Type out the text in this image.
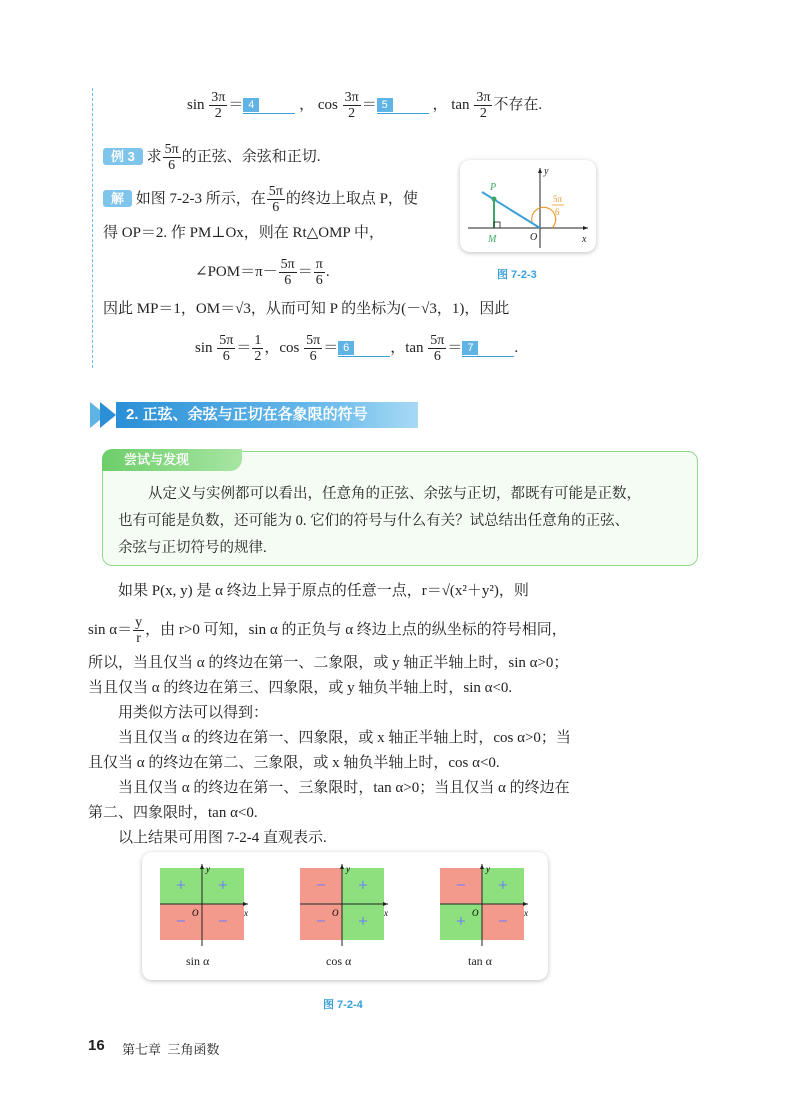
$\sin \frac{3\pi}{2} = 4$	， $\cos \frac{3\pi}{2} = 5$	， $\tan \frac{3\pi}{2}$ 不存在.
例 3 求 $\frac{5\pi}{6}$ 的正弦、余弦和正切.
解 如图 7-2-3 所示，在 $\frac{5\pi}{6}$ 的终边上取点 P，使
得 OP＝2. 作 PM⊥Ox，则在 Rt△OMP 中，
∠POM＝π－ $\frac{5\pi}{6} = \frac{\pi}{6}$ .
因此 MP＝1，OM＝√3，从而可知 P 的坐标为(－√3，1)，因此
$\sin \frac{5\pi}{6} = \frac{1}{2}$ ，$\cos \frac{5\pi}{6} = 6$	，$\tan \frac{5\pi}{6} = 7$	.
P
M	O	x
y
5π
6
图 7-2-3
2. 正弦、余弦与正切在各象限的符号
尝试与发现
从定义与实例都可以看出，任意角的正弦、余弦与正切，都既有可能是正数，
也有可能是负数，还可能为 0. 它们的符号与什么有关？试总结出任意角的正弦、
余弦与正切符号的规律.
如果 P(x, y) 是 α 终边上异于原点的任意一点，r＝√(x²＋y²)，则
$\sin \alpha= \frac{y}{r}$ ，由 r>0 可知，sin α 的正负与 α 终边上点的纵坐标的符号相同，
所以，当且仅当 α 的终边在第一、二象限，或 y 轴正半轴上时，sin α>0；
当且仅当 α 的终边在第三、四象限，或 y 轴负半轴上时，sin α<0.
用类似方法可以得到：
当且仅当 α 的终边在第一、四象限，或 x 轴正半轴上时，cos α>0；当
且仅当 α 的终边在第二、三象限，或 x 轴负半轴上时，cos α<0.
当且仅当 α 的终边在第一、三象限时，tan α>0；当且仅当 α 的终边在
第二、四象限时，tan α<0.
以上结果可用图 7-2-4 直观表示.
+	+
−	−
y
x
O
sin α
−	+
−	+
y
x
O
cos α
−	+
+	−
y
x
O
tan α
图 7-2-4
16 第七章 三角函数
